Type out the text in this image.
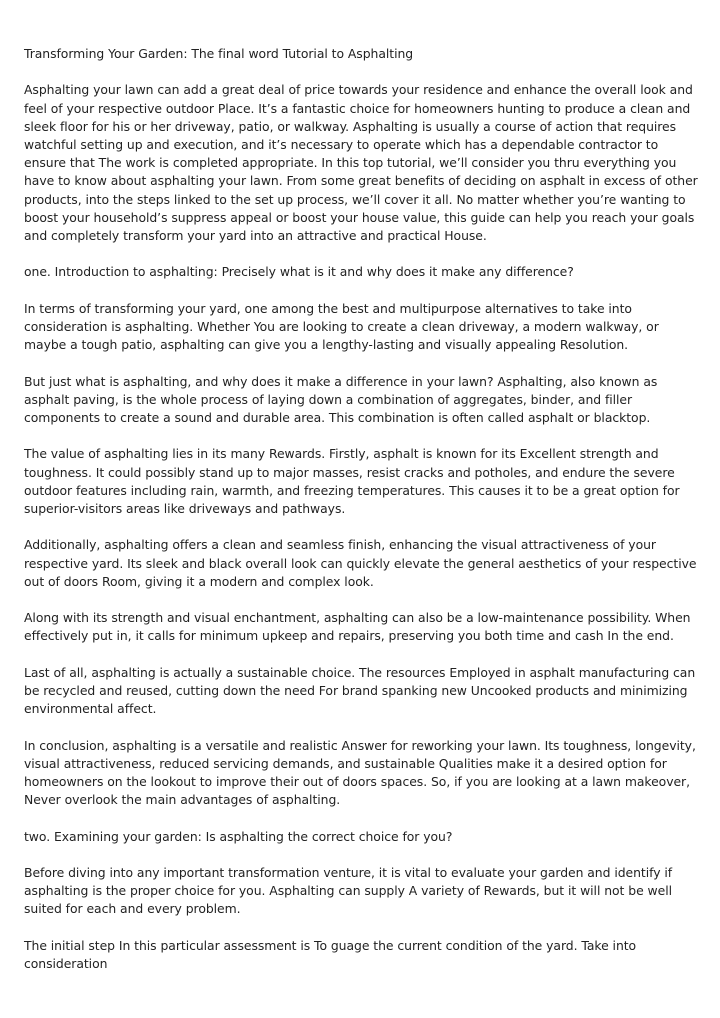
Transforming Your Garden: The final word Tutorial to Asphalting

Asphalting your lawn can add a great deal of price towards your residence and enhance the overall look and feel of your respective outdoor Place. It’s a fantastic choice for homeowners hunting to produce a clean and sleek floor for his or her driveway, patio, or walkway. Asphalting is usually a course of action that requires watchful setting up and execution, and it’s necessary to operate which has a dependable contractor to ensure that The work is completed appropriate. In this top tutorial, we’ll consider you thru everything you have to know about asphalting your lawn. From some great benefits of deciding on asphalt in excess of other products, into the steps linked to the set up process, we’ll cover it all. No matter whether you’re wanting to boost your household’s suppress appeal or boost your house value, this guide can help you reach your goals and completely transform your yard into an attractive and practical House.

one. Introduction to asphalting: Precisely what is it and why does it make any difference?

In terms of transforming your yard, one among the best and multipurpose alternatives to take into consideration is asphalting. Whether You are looking to create a clean driveway, a modern walkway, or maybe a tough patio, asphalting can give you a lengthy-lasting and visually appealing Resolution.

But just what is asphalting, and why does it make a difference in your lawn? Asphalting, also known as asphalt paving, is the whole process of laying down a combination of aggregates, binder, and filler components to create a sound and durable area. This combination is often called asphalt or blacktop.

The value of asphalting lies in its many Rewards. Firstly, asphalt is known for its Excellent strength and toughness. It could possibly stand up to major masses, resist cracks and potholes, and endure the severe outdoor features including rain, warmth, and freezing temperatures. This causes it to be a great option for superior-visitors areas like driveways and pathways.

Additionally, asphalting offers a clean and seamless finish, enhancing the visual attractiveness of your respective yard. Its sleek and black overall look can quickly elevate the general aesthetics of your respective out of doors Room, giving it a modern and complex look.

Along with its strength and visual enchantment, asphalting can also be a low-maintenance possibility. When effectively put in, it calls for minimum upkeep and repairs, preserving you both time and cash In the end.

Last of all, asphalting is actually a sustainable choice. The resources Employed in asphalt manufacturing can be recycled and reused, cutting down the need For brand spanking new Uncooked products and minimizing environmental affect.

In conclusion, asphalting is a versatile and realistic Answer for reworking your lawn. Its toughness, longevity, visual attractiveness, reduced servicing demands, and sustainable Qualities make it a desired option for homeowners on the lookout to improve their out of doors spaces. So, if you are looking at a lawn makeover, Never overlook the main advantages of asphalting.

two. Examining your garden: Is asphalting the correct choice for you?

Before diving into any important transformation venture, it is vital to evaluate your garden and identify if asphalting is the proper choice for you. Asphalting can supply A variety of Rewards, but it will not be well suited for each and every problem.

The initial step In this particular assessment is To guage the current condition of the yard. Take into consideration
